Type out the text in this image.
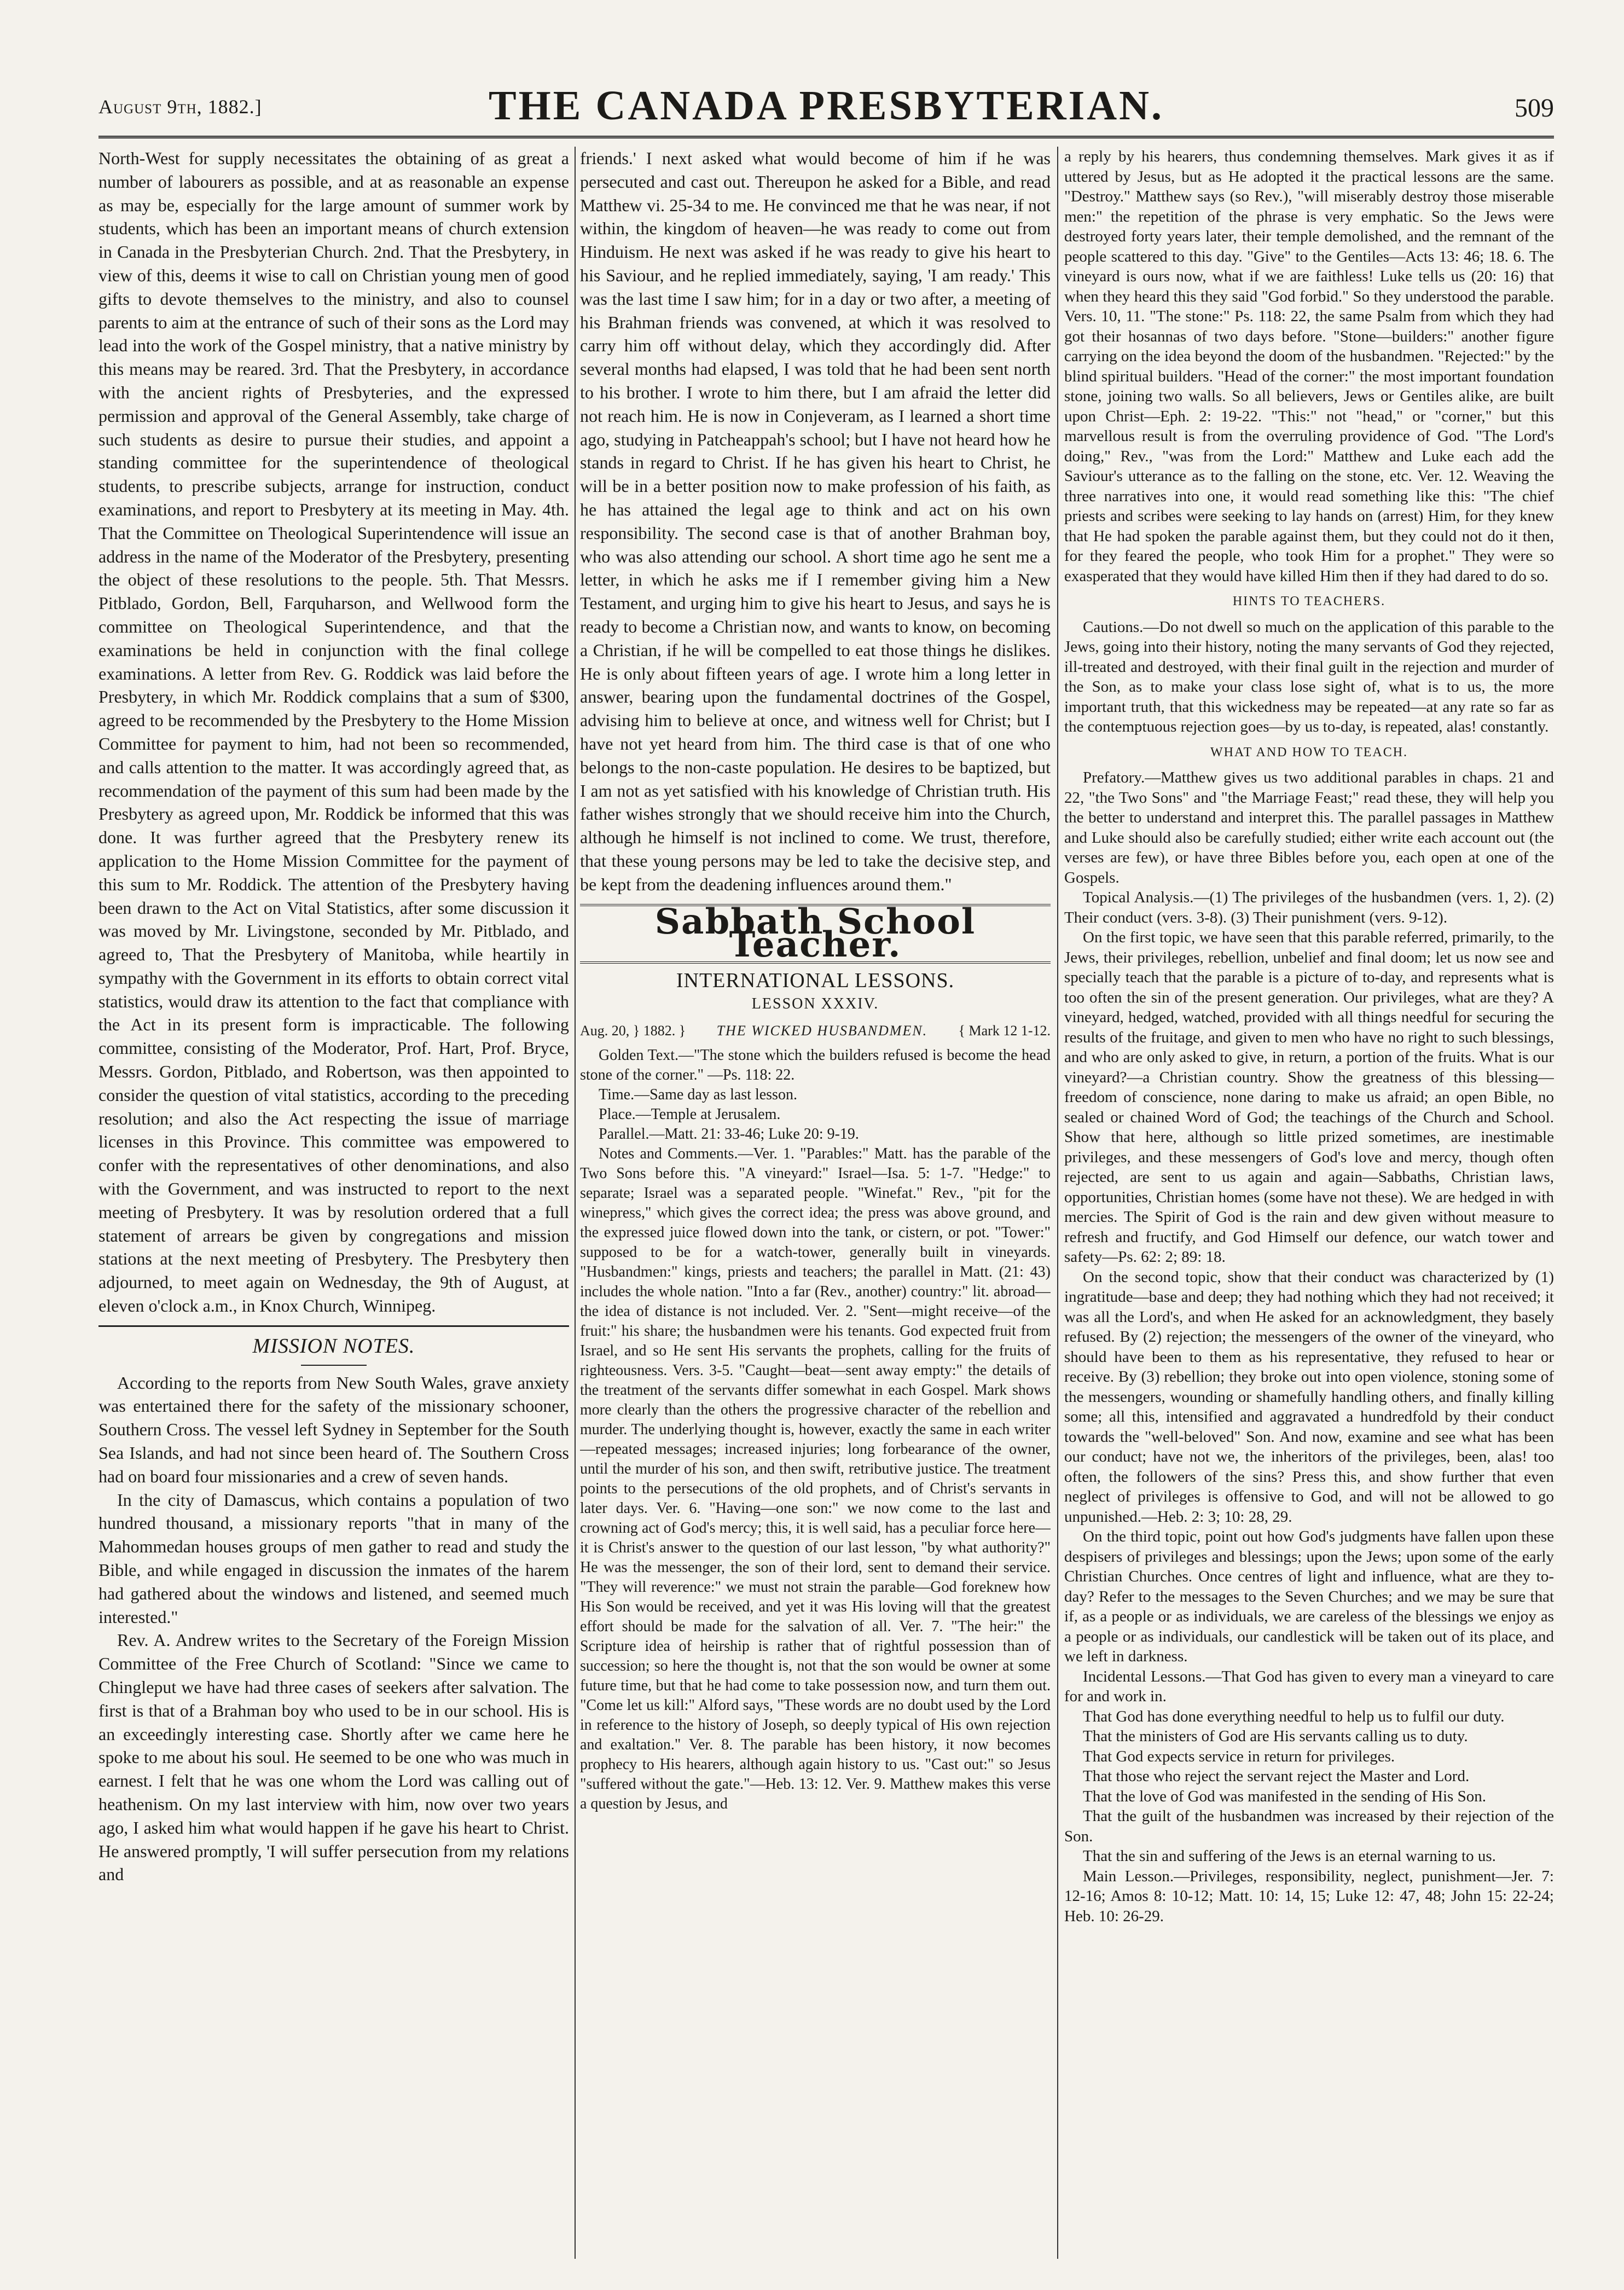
August 9th, 1882.]	THE CANADA PRESBYTERIAN.	509

North-West for supply necessitates the obtaining of as great a number of labourers as possible, and at as reasonable an expense as may be, especially for the large amount of summer work by students, which has been an important means of church extension in Canada in the Presbyterian Church. 2nd. That the Presbytery, in view of this, deems it wise to call on Christian young men of good gifts to devote themselves to the ministry, and also to counsel parents to aim at the entrance of such of their sons as the Lord may lead into the work of the Gospel ministry, that a native ministry by this means may be reared. 3rd. That the Presbytery, in accordance with the ancient rights of Presbyteries, and the expressed permission and approval of the General Assembly, take charge of such students as desire to pursue their studies, and appoint a standing committee for the superintendence of theological students, to prescribe subjects, arrange for instruction, conduct examinations, and report to Presbytery at its meeting in May. 4th. That the Committee on Theological Superintendence will issue an address in the name of the Moderator of the Presbytery, presenting the object of these resolutions to the people. 5th. That Messrs. Pitblado, Gordon, Bell, Farquharson, and Wellwood form the committee on Theological Superintendence, and that the examinations be held in conjunction with the final college examinations. A letter from Rev. G. Roddick was laid before the Presbytery, in which Mr. Roddick complains that a sum of $300, agreed to be recommended by the Presbytery to the Home Mission Committee for payment to him, had not been so recommended, and calls attention to the matter. It was accordingly agreed that, as recommendation of the payment of this sum had been made by the Presbytery as agreed upon, Mr. Roddick be informed that this was done. It was further agreed that the Presbytery renew its application to the Home Mission Committee for the payment of this sum to Mr. Roddick. The attention of the Presbytery having been drawn to the Act on Vital Statistics, after some discussion it was moved by Mr. Livingstone, seconded by Mr. Pitblado, and agreed to, That the Presbytery of Manitoba, while heartily in sympathy with the Government in its efforts to obtain correct vital statistics, would draw its attention to the fact that compliance with the Act in its present form is impracticable. The following committee, consisting of the Moderator, Prof. Hart, Prof. Bryce, Messrs. Gordon, Pitblado, and Robertson, was then appointed to consider the question of vital statistics, according to the preceding resolution; and also the Act respecting the issue of marriage licenses in this Province. This committee was empowered to confer with the representatives of other denominations, and also with the Government, and was instructed to report to the next meeting of Presbytery. It was by resolution ordered that a full statement of arrears be given by congregations and mission stations at the next meeting of Presbytery. The Presbytery then adjourned, to meet again on Wednesday, the 9th of August, at eleven o'clock a.m., in Knox Church, Winnipeg.

MISSION NOTES.

According to the reports from New South Wales, grave anxiety was entertained there for the safety of the missionary schooner, Southern Cross. The vessel left Sydney in September for the South Sea Islands, and had not since been heard of. The Southern Cross had on board four missionaries and a crew of seven hands.

In the city of Damascus, which contains a population of two hundred thousand, a missionary reports "that in many of the Mahommedan houses groups of men gather to read and study the Bible, and while engaged in discussion the inmates of the harem had gathered about the windows and listened, and seemed much interested."

Rev. A. Andrew writes to the Secretary of the Foreign Mission Committee of the Free Church of Scotland: "Since we came to Chingleput we have had three cases of seekers after salvation. The first is that of a Brahman boy who used to be in our school. His is an exceedingly interesting case. Shortly after we came here he spoke to me about his soul. He seemed to be one who was much in earnest. I felt that he was one whom the Lord was calling out of heathenism. On my last interview with him, now over two years ago, I asked him what would happen if he gave his heart to Christ. He answered promptly, 'I will suffer persecution from my relations and

friends.' I next asked what would become of him if he was persecuted and cast out. Thereupon he asked for a Bible, and read Matthew vi. 25-34 to me. He convinced me that he was near, if not within, the kingdom of heaven—he was ready to come out from Hinduism. He next was asked if he was ready to give his heart to his Saviour, and he replied immediately, saying, 'I am ready.' This was the last time I saw him; for in a day or two after, a meeting of his Brahman friends was convened, at which it was resolved to carry him off without delay, which they accordingly did. After several months had elapsed, I was told that he had been sent north to his brother. I wrote to him there, but I am afraid the letter did not reach him. He is now in Conjeveram, as I learned a short time ago, studying in Patcheappah's school; but I have not heard how he stands in regard to Christ. If he has given his heart to Christ, he will be in a better position now to make profession of his faith, as he has attained the legal age to think and act on his own responsibility. The second case is that of another Brahman boy, who was also attending our school. A short time ago he sent me a letter, in which he asks me if I remember giving him a New Testament, and urging him to give his heart to Jesus, and says he is ready to become a Christian now, and wants to know, on becoming a Christian, if he will be compelled to eat those things he dislikes. He is only about fifteen years of age. I wrote him a long letter in answer, bearing upon the fundamental doctrines of the Gospel, advising him to believe at once, and witness well for Christ; but I have not yet heard from him. The third case is that of one who belongs to the non-caste population. He desires to be baptized, but I am not as yet satisfied with his knowledge of Christian truth. His father wishes strongly that we should receive him into the Church, although he himself is not inclined to come. We trust, therefore, that these young persons may be led to take the decisive step, and be kept from the deadening influences around them."

Sabbath School Teacher.
INTERNATIONAL LESSONS.
LESSON XXXIV.
Aug. 20, } 1882. } THE WICKED HUSBANDMEN. { Mark 12 1-12.

Golden Text.—"The stone which the builders refused is become the head stone of the corner." —Ps. 118: 22.

Time.—Same day as last lesson.

Place.—Temple at Jerusalem.

Parallel.—Matt. 21: 33-46; Luke 20: 9-19.

Notes and Comments.—Ver. 1. "Parables:" Matt. has the parable of the Two Sons before this. "A vineyard:" Israel—Isa. 5: 1-7. "Hedge:" to separate; Israel was a separated people. "Winefat." Rev., "pit for the winepress," which gives the correct idea; the press was above ground, and the expressed juice flowed down into the tank, or cistern, or pot. "Tower:" supposed to be for a watch-tower, generally built in vineyards. "Husbandmen:" kings, priests and teachers; the parallel in Matt. (21: 43) includes the whole nation. "Into a far (Rev., another) country:" lit. abroad—the idea of distance is not included. Ver. 2. "Sent—might receive—of the fruit:" his share; the husbandmen were his tenants. God expected fruit from Israel, and so He sent His servants the prophets, calling for the fruits of righteousness. Vers. 3-5. "Caught—beat—sent away empty:" the details of the treatment of the servants differ somewhat in each Gospel. Mark shows more clearly than the others the progressive character of the rebellion and murder. The underlying thought is, however, exactly the same in each writer—repeated messages; increased injuries; long forbearance of the owner, until the murder of his son, and then swift, retributive justice. The treatment points to the persecutions of the old prophets, and of Christ's servants in later days. Ver. 6. "Having—one son:" we now come to the last and crowning act of God's mercy; this, it is well said, has a peculiar force here—it is Christ's answer to the question of our last lesson, "by what authority?" He was the messenger, the son of their lord, sent to demand their service. "They will reverence:" we must not strain the parable—God foreknew how His Son would be received, and yet it was His loving will that the greatest effort should be made for the salvation of all. Ver. 7. "The heir:" the Scripture idea of heirship is rather that of rightful possession than of succession; so here the thought is, not that the son would be owner at some future time, but that he had come to take possession now, and turn them out. "Come let us kill:" Alford says, "These words are no doubt used by the Lord in reference to the history of Joseph, so deeply typical of His own rejection and exaltation." Ver. 8. The parable has been history, it now becomes prophecy to His hearers, although again history to us. "Cast out:" so Jesus "suffered without the gate."—Heb. 13: 12. Ver. 9. Matthew makes this verse a question by Jesus, and

a reply by his hearers, thus condemning themselves. Mark gives it as if uttered by Jesus, but as He adopted it the practical lessons are the same. "Destroy." Matthew says (so Rev.), "will miserably destroy those miserable men:" the repetition of the phrase is very emphatic. So the Jews were destroyed forty years later, their temple demolished, and the remnant of the people scattered to this day. "Give" to the Gentiles—Acts 13: 46; 18. 6. The vineyard is ours now, what if we are faithless! Luke tells us (20: 16) that when they heard this they said "God forbid." So they understood the parable. Vers. 10, 11. "The stone:" Ps. 118: 22, the same Psalm from which they had got their hosannas of two days before. "Stone—builders:" another figure carrying on the idea beyond the doom of the husbandmen. "Rejected:" by the blind spiritual builders. "Head of the corner:" the most important foundation stone, joining two walls. So all believers, Jews or Gentiles alike, are built upon Christ—Eph. 2: 19-22. "This:" not "head," or "corner," but this marvellous result is from the overruling providence of God. "The Lord's doing," Rev., "was from the Lord:" Matthew and Luke each add the Saviour's utterance as to the falling on the stone, etc. Ver. 12. Weaving the three narratives into one, it would read something like this: "The chief priests and scribes were seeking to lay hands on (arrest) Him, for they knew that He had spoken the parable against them, but they could not do it then, for they feared the people, who took Him for a prophet." They were so exasperated that they would have killed Him then if they had dared to do so.

HINTS TO TEACHERS.

Cautions.—Do not dwell so much on the application of this parable to the Jews, going into their history, noting the many servants of God they rejected, ill-treated and destroyed, with their final guilt in the rejection and murder of the Son, as to make your class lose sight of, what is to us, the more important truth, that this wickedness may be repeated—at any rate so far as the contemptuous rejection goes—by us to-day, is repeated, alas! constantly.

WHAT AND HOW TO TEACH.

Prefatory.—Matthew gives us two additional parables in chaps. 21 and 22, "the Two Sons" and "the Marriage Feast;" read these, they will help you the better to understand and interpret this. The parallel passages in Matthew and Luke should also be carefully studied; either write each account out (the verses are few), or have three Bibles before you, each open at one of the Gospels.

Topical Analysis.—(1) The privileges of the husbandmen (vers. 1, 2). (2) Their conduct (vers. 3-8). (3) Their punishment (vers. 9-12).

On the first topic, we have seen that this parable referred, primarily, to the Jews, their privileges, rebellion, unbelief and final doom; let us now see and specially teach that the parable is a picture of to-day, and represents what is too often the sin of the present generation. Our privileges, what are they? A vineyard, hedged, watched, provided with all things needful for securing the results of the fruitage, and given to men who have no right to such blessings, and who are only asked to give, in return, a portion of the fruits. What is our vineyard?—a Christian country. Show the greatness of this blessing—freedom of conscience, none daring to make us afraid; an open Bible, no sealed or chained Word of God; the teachings of the Church and School. Show that here, although so little prized sometimes, are inestimable privileges, and these messengers of God's love and mercy, though often rejected, are sent to us again and again—Sabbaths, Christian laws, opportunities, Christian homes (some have not these). We are hedged in with mercies. The Spirit of God is the rain and dew given without measure to refresh and fructify, and God Himself our defence, our watch tower and safety—Ps. 62: 2; 89: 18.

On the second topic, show that their conduct was characterized by (1) ingratitude—base and deep; they had nothing which they had not received; it was all the Lord's, and when He asked for an acknowledgment, they basely refused. By (2) rejection; the messengers of the owner of the vineyard, who should have been to them as his representative, they refused to hear or receive. By (3) rebellion; they broke out into open violence, stoning some of the messengers, wounding or shamefully handling others, and finally killing some; all this, intensified and aggravated a hundredfold by their conduct towards the "well-beloved" Son. And now, examine and see what has been our conduct; have not we, the inheritors of the privileges, been, alas! too often, the followers of the sins? Press this, and show further that even neglect of privileges is offensive to God, and will not be allowed to go unpunished.—Heb. 2: 3; 10: 28, 29.

On the third topic, point out how God's judgments have fallen upon these despisers of privileges and blessings; upon the Jews; upon some of the early Christian Churches. Once centres of light and influence, what are they to-day? Refer to the messages to the Seven Churches; and we may be sure that if, as a people or as individuals, we are careless of the blessings we enjoy as a people or as individuals, our candlestick will be taken out of its place, and we left in darkness.

Incidental Lessons.—That God has given to every man a vineyard to care for and work in.

That God has done everything needful to help us to fulfil our duty.

That the ministers of God are His servants calling us to duty.

That God expects service in return for privileges.

That those who reject the servant reject the Master and Lord.

That the love of God was manifested in the sending of His Son.

That the guilt of the husbandmen was increased by their rejection of the Son.

That the sin and suffering of the Jews is an eternal warning to us.

Main Lesson.—Privileges, responsibility, neglect, punishment—Jer. 7: 12-16; Amos 8: 10-12; Matt. 10: 14, 15; Luke 12: 47, 48; John 15: 22-24; Heb. 10: 26-29.
